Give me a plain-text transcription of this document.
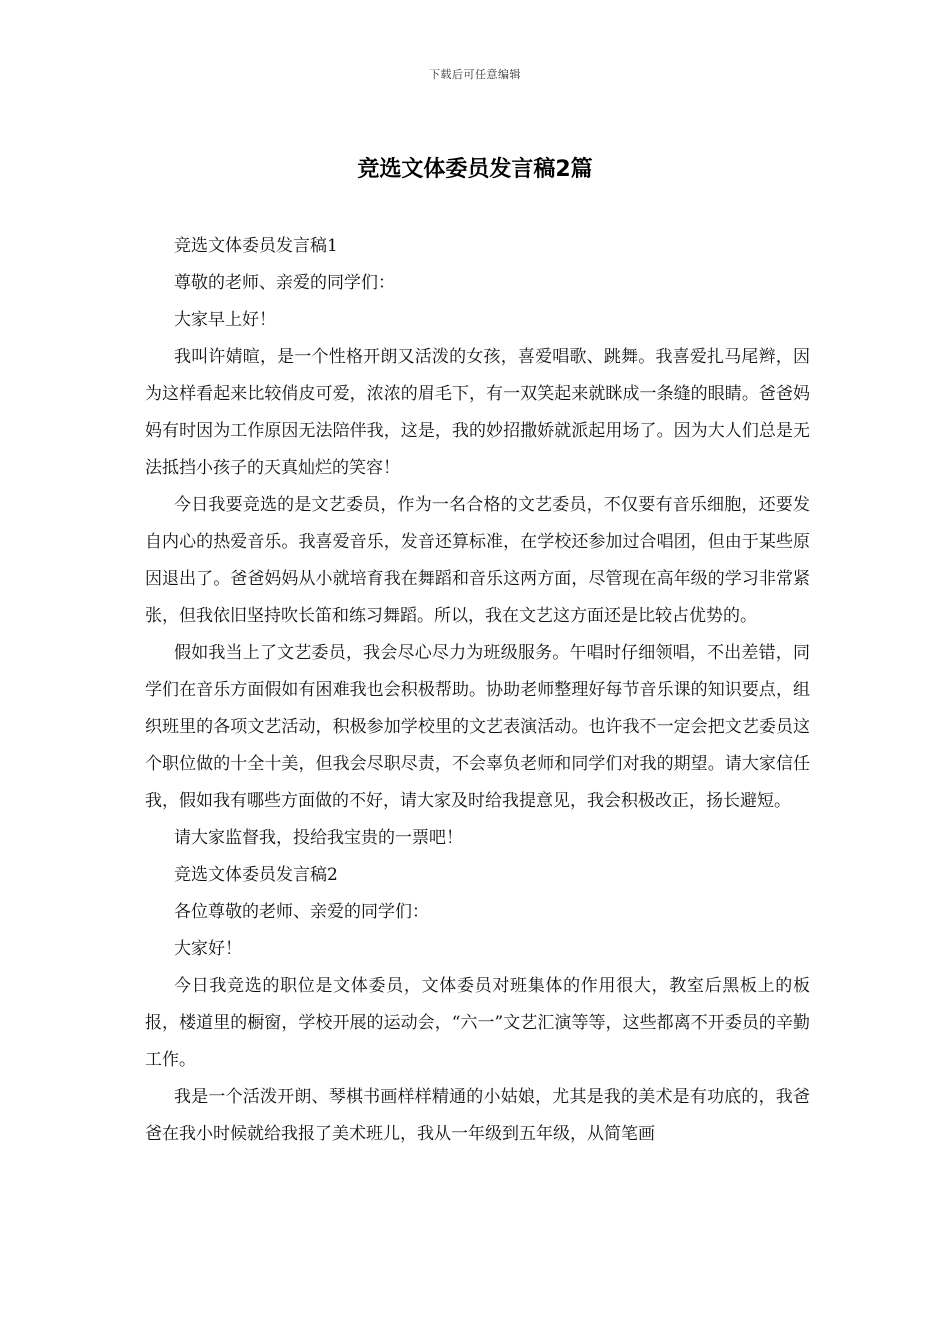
下载后可任意编辑
竞选文体委员发言稿2篇

竞选文体委员发言稿1

尊敬的老师、亲爱的同学们：

大家早上好！

我叫许婧暄，是一个性格开朗又活泼的女孩，喜爱唱歌、跳舞。我喜爱扎马尾辫，因为这样看起来比较俏皮可爱，浓浓的眉毛下，有一双笑起来就眯成一条缝的眼睛。爸爸妈妈有时因为工作原因无法陪伴我，这是，我的妙招撒娇就派起用场了。因为大人们总是无法抵挡小孩子的天真灿烂的笑容！

今日我要竞选的是文艺委员，作为一名合格的文艺委员，不仅要有音乐细胞，还要发自内心的热爱音乐。我喜爱音乐，发音还算标准，在学校还参加过合唱团，但由于某些原因退出了。爸爸妈妈从小就培育我在舞蹈和音乐这两方面，尽管现在高年级的学习非常紧张，但我依旧坚持吹长笛和练习舞蹈。所以，我在文艺这方面还是比较占优势的。

假如我当上了文艺委员，我会尽心尽力为班级服务。午唱时仔细领唱，不出差错，同学们在音乐方面假如有困难我也会积极帮助。协助老师整理好每节音乐课的知识要点，组织班里的各项文艺活动，积极参加学校里的文艺表演活动。也许我不一定会把文艺委员这个职位做的十全十美，但我会尽职尽责，不会辜负老师和同学们对我的期望。请大家信任我，假如我有哪些方面做的不好，请大家及时给我提意见，我会积极改正，扬长避短。

请大家监督我，投给我宝贵的一票吧！

竞选文体委员发言稿2

各位尊敬的老师、亲爱的同学们：

大家好！

今日我竞选的职位是文体委员，文体委员对班集体的作用很大，教室后黑板上的板报，楼道里的橱窗，学校开展的运动会，“六一”文艺汇演等等，这些都离不开委员的辛勤工作。

我是一个活泼开朗、琴棋书画样样精通的小姑娘，尤其是我的美术是有功底的，我爸爸在我小时候就给我报了美术班儿，我从一年级到五年级，从简笔画
